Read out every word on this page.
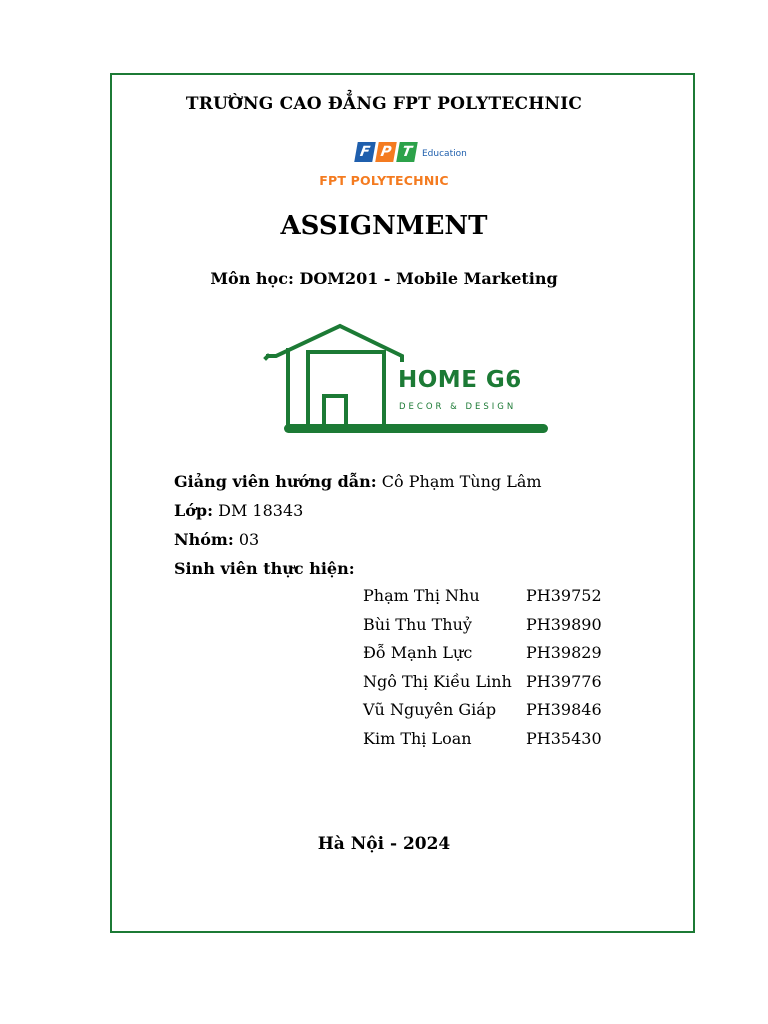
TRƯỜNG CAO ĐẲNG FPT POLYTECHNIC
F P T Education
FPT POLYTECHNIC
ASSIGNMENT
Môn học: DOM201 - Mobile Marketing
HOME G6
DECOR & DESIGN
Giảng viên hướng dẫn: Cô Phạm Tùng Lâm
Lớp: DM 18343
Nhóm: 03
Sinh viên thực hiện:
Phạm Thị Nhu	PH39752
Bùi Thu Thuỷ	PH39890
Đỗ Mạnh Lực	PH39829
Ngô Thị Kiều Linh PH39776
Vũ Nguyên Giáp PH39846
Kim Thị Loan	PH35430
Hà Nội - 2024
